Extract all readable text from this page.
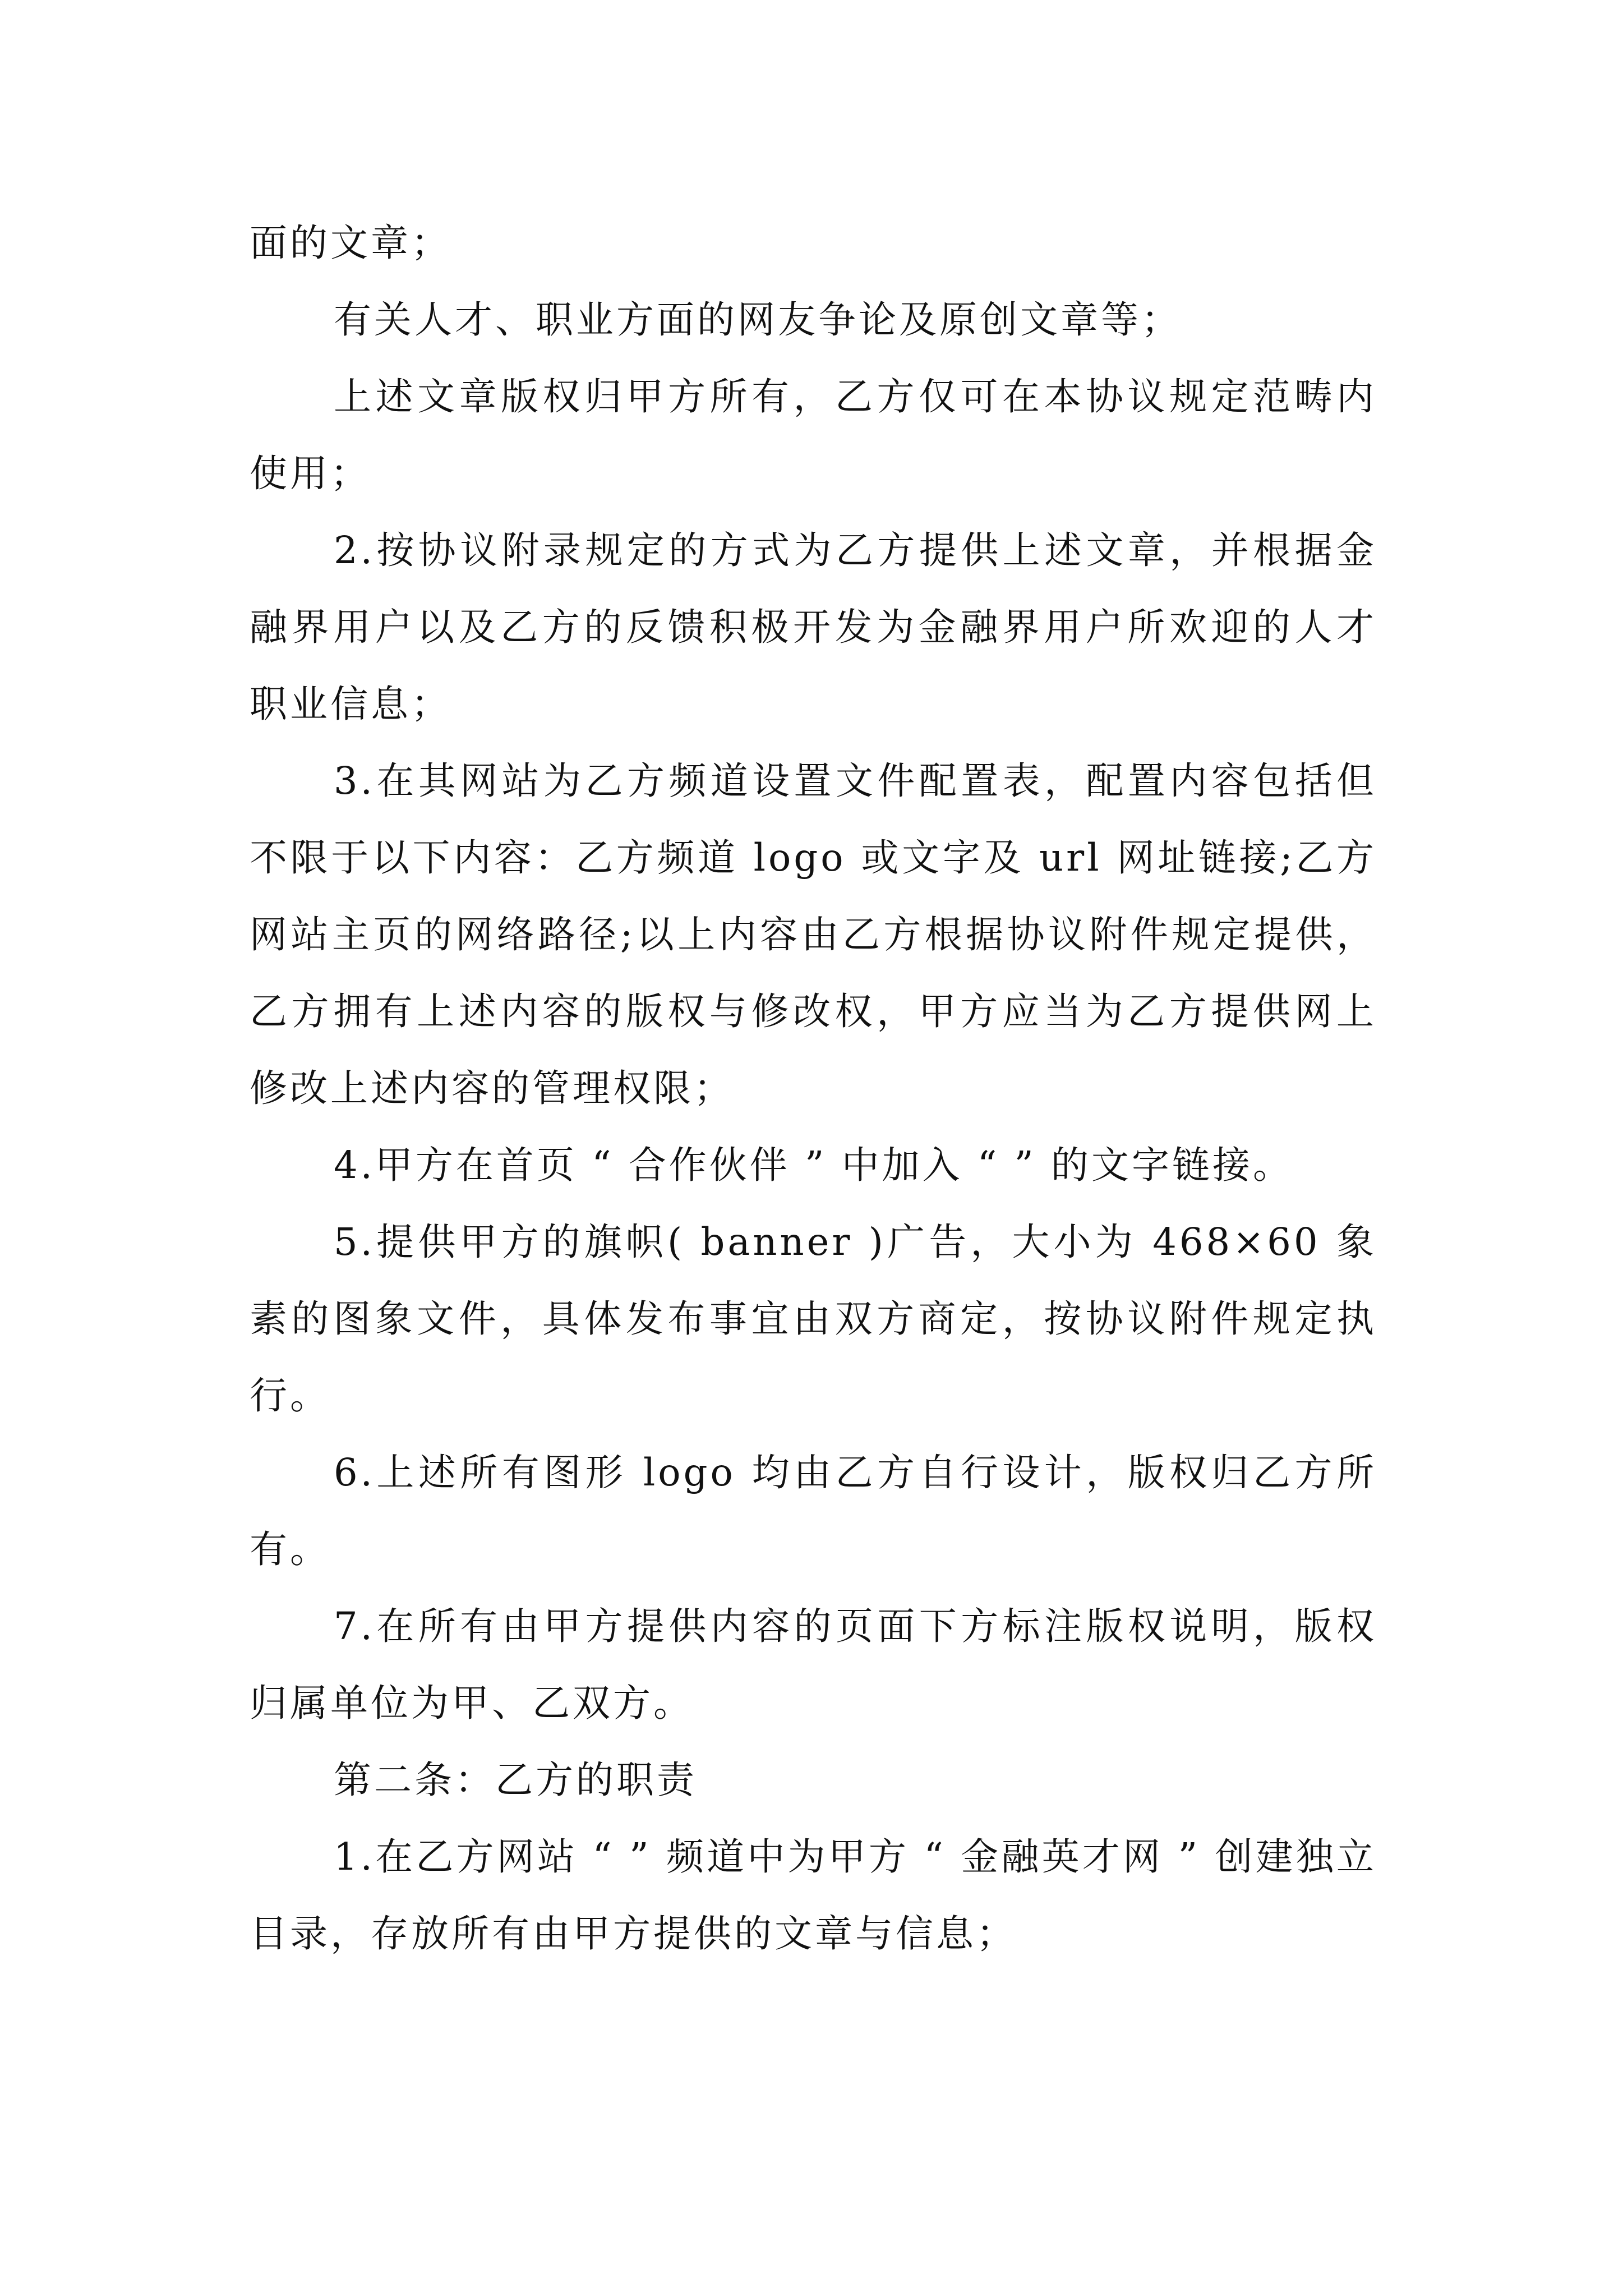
面的文章；

有关人才、职业方面的网友争论及原创文章等；

上述文章版权归甲方所有，乙方仅可在本协议规定范畴内使用；

2.按协议附录规定的方式为乙方提供上述文章，并根据金融界用户以及乙方的反馈积极开发为金融界用户所欢迎的人才职业信息；

3.在其网站为乙方频道设置文件配置表，配置内容包括但不限于以下内容：乙方频道 logo 或文字及 url 网址链接;乙方网站主页的网络路径;以上内容由乙方根据协议附件规定提供，乙方拥有上述内容的版权与修改权，甲方应当为乙方提供网上修改上述内容的管理权限；

4.甲方在首页 “ 合作伙伴 ” 中加入 “ ” 的文字链接。

5.提供甲方的旗帜( banner )广告，大小为 468×60 象素的图象文件，具体发布事宜由双方商定，按协议附件规定执行。

6.上述所有图形 logo 均由乙方自行设计，版权归乙方所有。

7.在所有由甲方提供内容的页面下方标注版权说明，版权归属单位为甲、乙双方。

第二条：乙方的职责

1.在乙方网站 “ ” 频道中为甲方 “ 金融英才网 ” 创建独立目录，存放所有由甲方提供的文章与信息；
